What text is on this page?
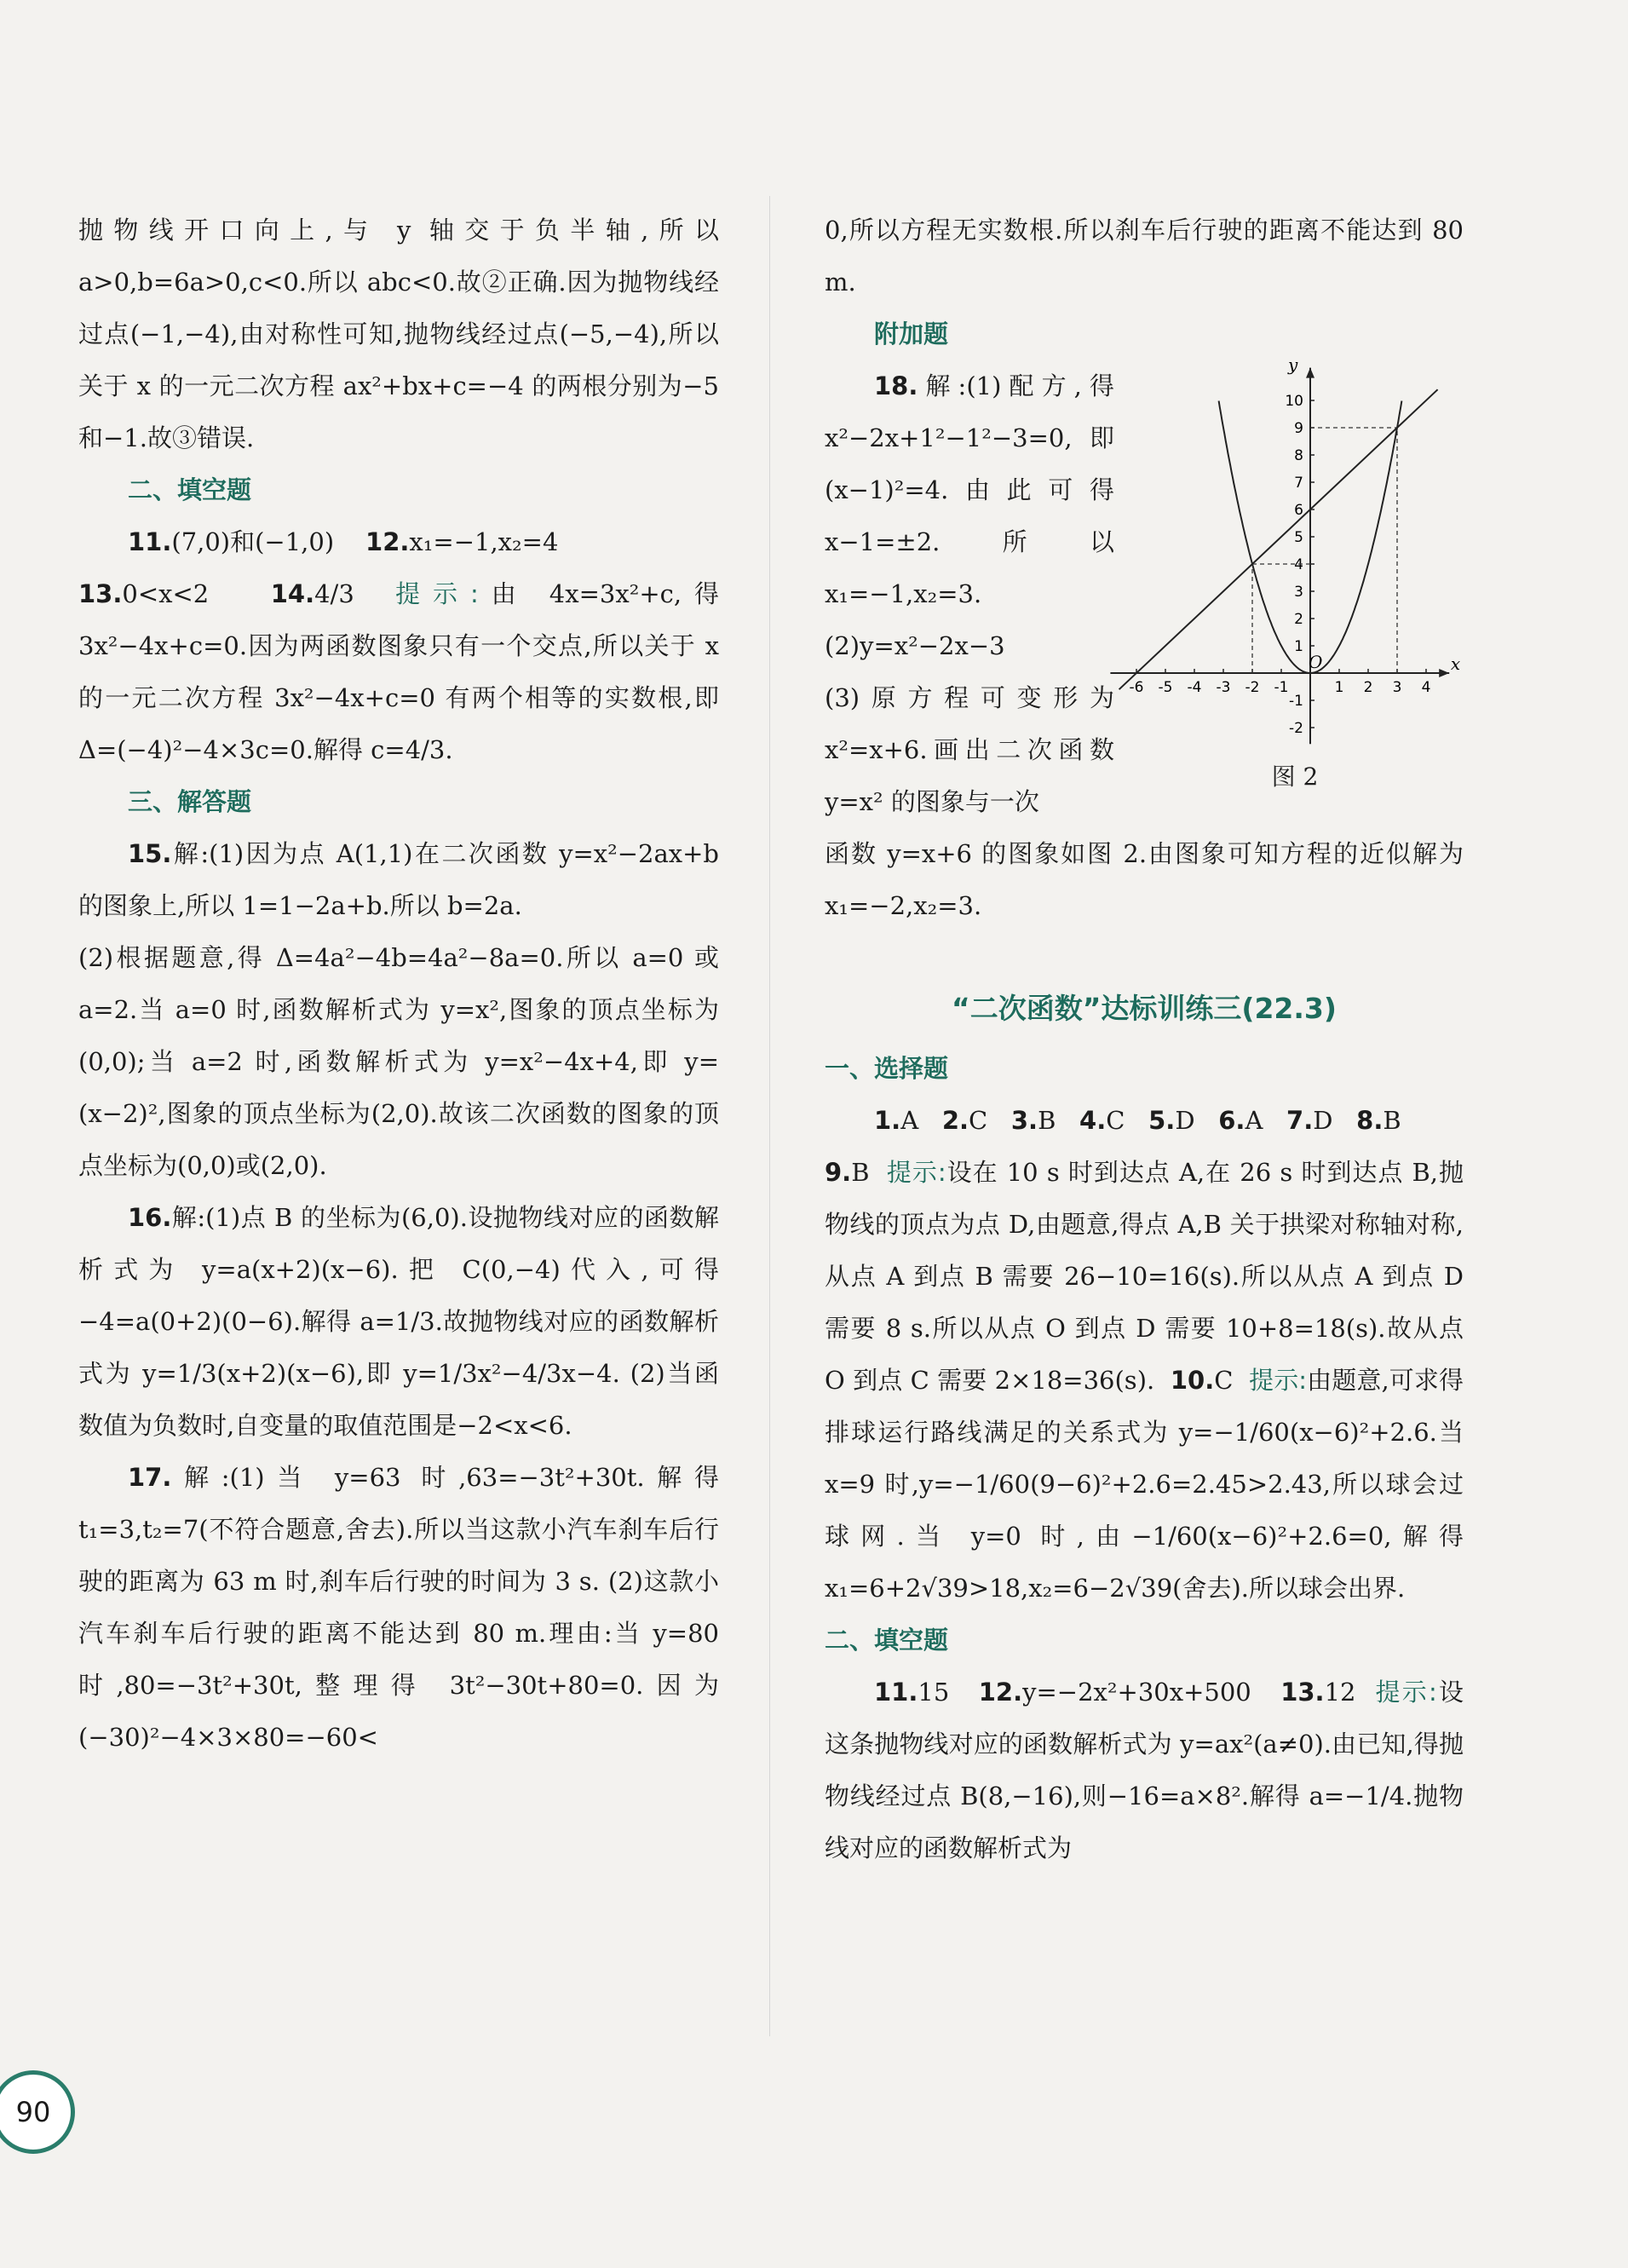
抛物线开口向上,与 y 轴交于负半轴,所以 a>0,b=6a>0,c<0.所以 abc<0.故②正确.因为抛物线经过点(−1,−4),由对称性可知,抛物线经过点(−5,−4),所以关于 x 的一元二次方程 ax²+bx+c=−4 的两根分别为−5 和−1.故③错误.

二、填空题

11.(7,0)和(−1,0) 12.x₁=−1,x₂=4

13.0<x<2 14.4/3 提示:由 4x=3x²+c,得 3x²−4x+c=0.因为两函数图象只有一个交点,所以关于 x 的一元二次方程 3x²−4x+c=0 有两个相等的实数根,即 Δ=(−4)²−4×3c=0.解得 c=4/3.

三、解答题

15.解:(1)因为点 A(1,1)在二次函数 y=x²−2ax+b 的图象上,所以 1=1−2a+b.所以 b=2a.

(2)根据题意,得 Δ=4a²−4b=4a²−8a=0.所以 a=0 或 a=2.当 a=0 时,函数解析式为 y=x²,图象的顶点坐标为(0,0);当 a=2 时,函数解析式为 y=x²−4x+4,即 y=(x−2)²,图象的顶点坐标为(2,0).故该二次函数的图象的顶点坐标为(0,0)或(2,0).

16.解:(1)点 B 的坐标为(6,0).设抛物线对应的函数解析式为 y=a(x+2)(x−6).把 C(0,−4)代入,可得−4=a(0+2)(0−6).解得 a=1/3.故抛物线对应的函数解析式为 y=1/3(x+2)(x−6),即 y=1/3x²−4/3x−4. (2)当函数值为负数时,自变量的取值范围是−2<x<6.

17.解:(1)当 y=63 时,63=−3t²+30t.解得 t₁=3,t₂=7(不符合题意,舍去).所以当这款小汽车刹车后行驶的距离为 63 m 时,刹车后行驶的时间为 3 s. (2)这款小汽车刹车后行驶的距离不能达到 80 m.理由:当 y=80 时,80=−3t²+30t,整理得 3t²−30t+80=0.因为(−30)²−4×3×80=−60<

0,所以方程无实数根.所以刹车后行驶的距离不能达到 80 m.

附加题
x
y
O
-6 -5 -4 -3 -2 -1	1 2 3 4
-2
-1
1
2
3
4
5
6
7
8
9
10
图 2

18.解:(1)配方,得 x²−2x+1²−1²−3=0,即(x−1)²=4.由此可得 x−1=±2.所以 x₁=−1,x₂=3.

(2)y=x²−2x−3

(3)原方程可变形为 x²=x+6.画出二次函数 y=x² 的图象与一次

函数 y=x+6 的图象如图 2.由图象可知方程的近似解为 x₁=−2,x₂=3.

“二次函数”达标训练三(22.3)
一、选择题

1.A 2.C 3.B 4.C 5.D 6.A 7.D 8.B

9.B 提示:设在 10 s 时到达点 A,在 26 s 时到达点 B,抛物线的顶点为点 D,由题意,得点 A,B 关于拱梁对称轴对称,从点 A 到点 B 需要 26−10=16(s).所以从点 A 到点 D 需要 8 s.所以从点 O 到点 D 需要 10+8=18(s).故从点 O 到点 C 需要 2×18=36(s). 10.C 提示:由题意,可求得排球运行路线满足的关系式为 y=−1/60(x−6)²+2.6.当 x=9 时,y=−1/60(9−6)²+2.6=2.45>2.43,所以球会过球网.当 y=0 时,由−1/60(x−6)²+2.6=0,解得 x₁=6+2√39>18,x₂=6−2√39(舍去).所以球会出界.

二、填空题

11.15 12.y=−2x²+30x+500 13.12 提示:设这条抛物线对应的函数解析式为 y=ax²(a≠0).由已知,得抛物线经过点 B(8,−16),则−16=a×8².解得 a=−1/4.抛物线对应的函数解析式为

90
